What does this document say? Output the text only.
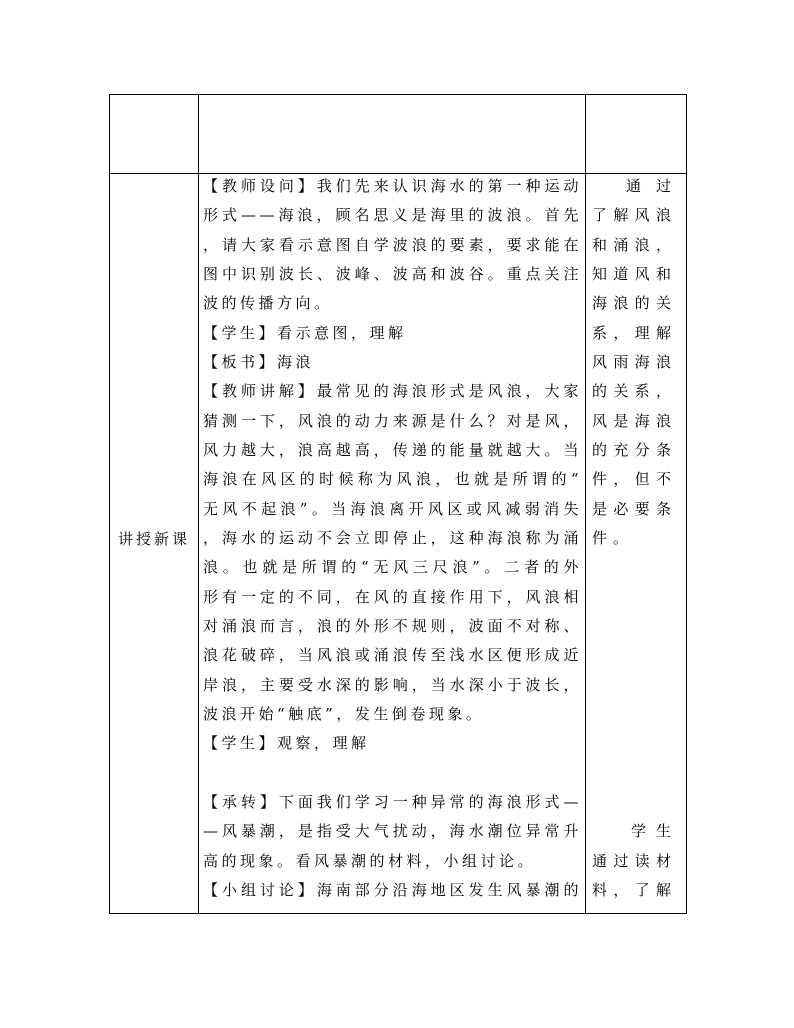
讲授新课
【教师设问】我们先来认识海水的第一种运动
形式——海浪，顾名思义是海里的波浪。首先
，请大家看示意图自学波浪的要素，要求能在
图中识别波长、波峰、波高和波谷。重点关注
波的传播方向。
【学生】看示意图，理解
【板书】海浪
【教师讲解】最常见的海浪形式是风浪，大家
猜测一下，风浪的动力来源是什么？对是风，
风力越大，浪高越高，传递的能量就越大。当
海浪在风区的时候称为风浪，也就是所谓的“
无风不起浪”。当海浪离开风区或风减弱消失
，海水的运动不会立即停止，这种海浪称为涌
浪。也就是所谓的“无风三尺浪”。二者的外
形有一定的不同，在风的直接作用下，风浪相
对涌浪而言，浪的外形不规则，波面不对称、
浪花破碎，当风浪或涌浪传至浅水区便形成近
岸浪，主要受水深的影响，当水深小于波长，
波浪开始“触底”，发生倒卷现象。
【学生】观察，理解
【承转】下面我们学习一种异常的海浪形式—
—风暴潮，是指受大气扰动，海水潮位异常升
高的现象。看风暴潮的材料，小组讨论。
【小组讨论】海南部分沿海地区发生风暴潮的
通过
了解风浪
和涌浪，
知道风和
海浪的关
系，理解
风雨海浪
的关系，
风是海浪
的充分条
件，但不
是必要条
件。
学生
通过读材
料，了解
